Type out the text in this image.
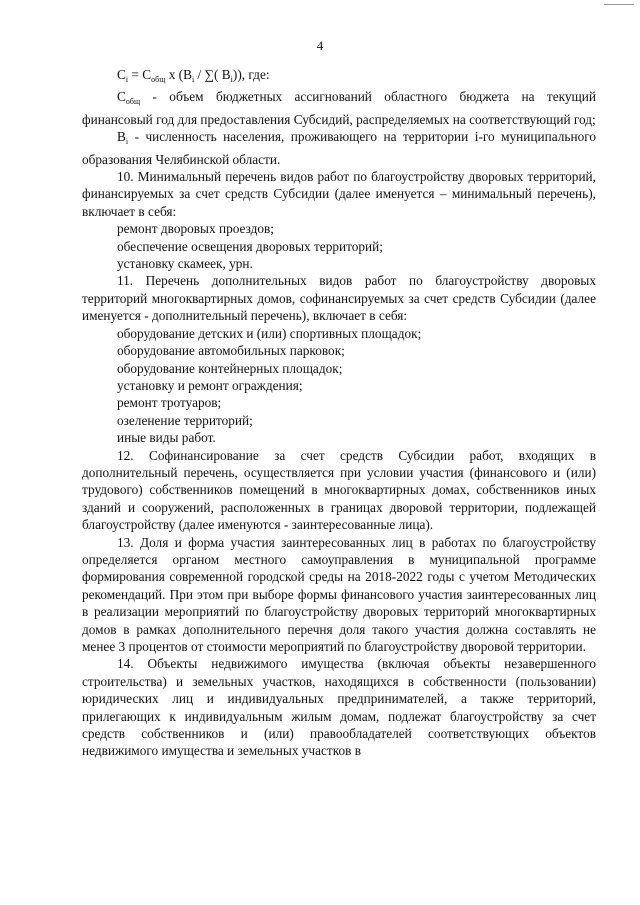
4

$C_i = C_{общ}$ x ($B_i$ / ∑( $B_i$)), где:

$C_{общ}$ - объем бюджетных ассигнований областного бюджета на текущий финансовый год для предоставления Субсидий, распределяемых на соответствующий год;

$B_i$ - численность населения, проживающего на территории i-го муниципального образования Челябинской области.

10. Минимальный перечень видов работ по благоустройству дворовых территорий, финансируемых за счет средств Субсидии (далее именуется – минимальный перечень), включает в себя:

ремонт дворовых проездов;

обеспечение освещения дворовых территорий;

установку скамеек, урн.

11. Перечень дополнительных видов работ по благоустройству дворовых территорий многоквартирных домов, софинансируемых за счет средств Субсидии (далее именуется - дополнительный перечень), включает в себя:

оборудование детских и (или) спортивных площадок;

оборудование автомобильных парковок;

оборудование контейнерных площадок;

установку и ремонт ограждения;

ремонт тротуаров;

озеленение территорий;

иные виды работ.

12. Софинансирование за счет средств Субсидии работ, входящих в дополнительный перечень, осуществляется при условии участия (финансового и (или) трудового) собственников помещений в многоквартирных домах, собственников иных зданий и сооружений, расположенных в границах дворовой территории, подлежащей благоустройству (далее именуются - заинтересованные лица).

13. Доля и форма участия заинтересованных лиц в работах по благоустройству определяется органом местного самоуправления в муниципальной программе формирования современной городской среды на 2018-2022 годы с учетом Методических рекомендаций. При этом при выборе формы финансового участия заинтересованных лиц в реализации мероприятий по благоустройству дворовых территорий многоквартирных домов в рамках дополнительного перечня доля такого участия должна составлять не менее 3 процентов от стоимости мероприятий по благоустройству дворовой территории.

14. Объекты недвижимого имущества (включая объекты незавершенного строительства) и земельных участков, находящихся в собственности (пользовании) юридических лиц и индивидуальных предпринимателей, а также территорий, прилегающих к индивидуальным жилым домам, подлежат благоустройству за счет средств собственников и (или) правообладателей соответствующих объектов недвижимого имущества и земельных участков в
